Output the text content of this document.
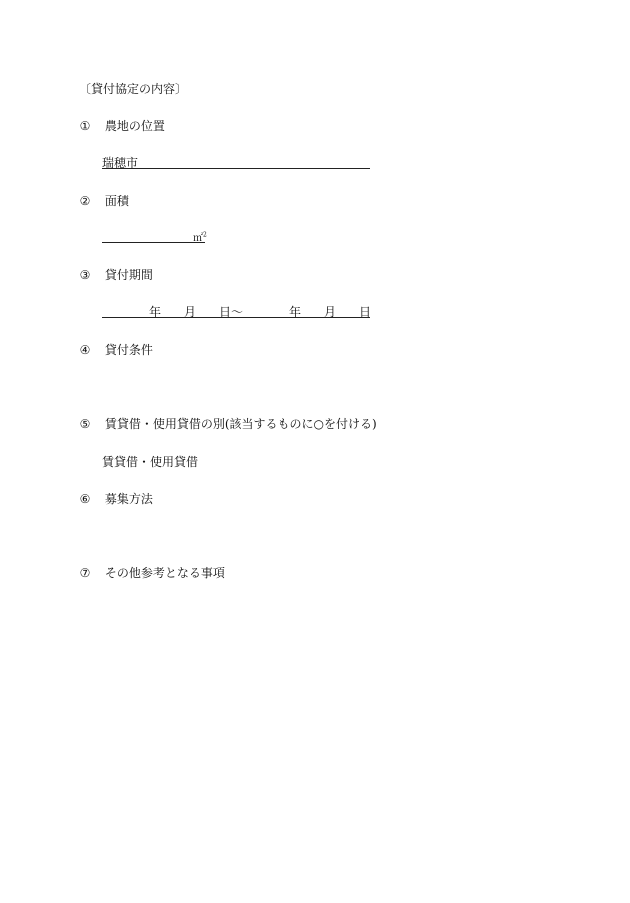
〔貸付協定の内容〕
① 農地の位置
瑞穂市
② 面積
㎡$^2$
③ 貸付期間
年 月 日～	年 月 日
④ 貸付条件
⑤ 賃貸借・使用貸借の別(該当するものに○を付ける)
賃貸借・使用貸借
⑥ 募集方法
⑦ その他参考となる事項
